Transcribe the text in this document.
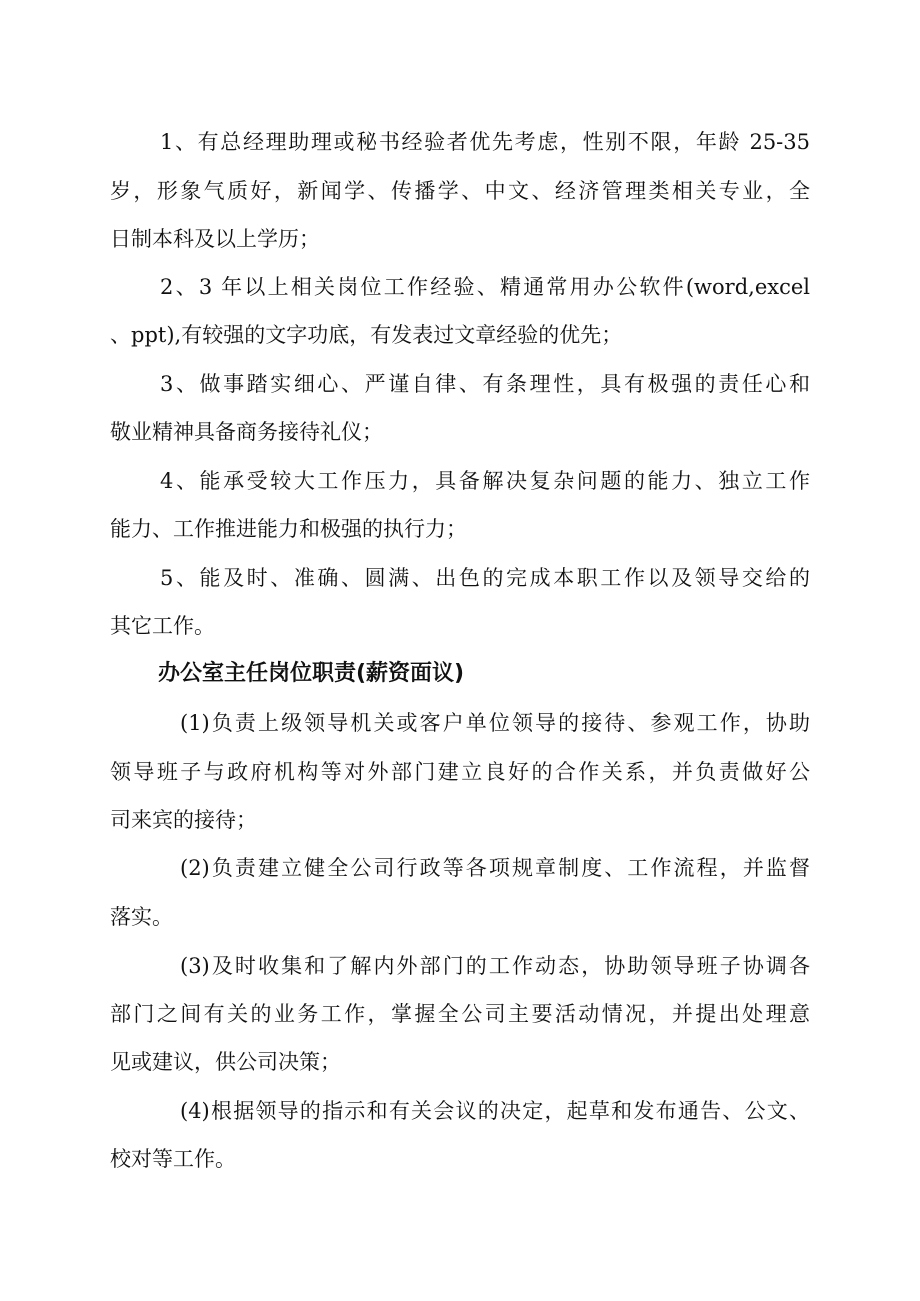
1、有总经理助理或秘书经验者优先考虑，性别不限，年龄 25-35
岁，形象气质好，新闻学、传播学、中文、经济管理类相关专业，全
日制本科及以上学历；
2、3 年以上相关岗位工作经验、精通常用办公软件(word,excel
、ppt),有较强的文字功底，有发表过文章经验的优先；
3、做事踏实细心、严谨自律、有条理性，具有极强的责任心和
敬业精神具备商务接待礼仪；
4、能承受较大工作压力，具备解决复杂问题的能力、独立工作
能力、工作推进能力和极强的执行力；
5、能及时、准确、圆满、出色的完成本职工作以及领导交给的
其它工作。
办公室主任岗位职责(薪资面议)
(1)负责上级领导机关或客户单位领导的接待、参观工作，协助
领导班子与政府机构等对外部门建立良好的合作关系，并负责做好公
司来宾的接待；
(2)负责建立健全公司行政等各项规章制度、工作流程，并监督
落实。
(3)及时收集和了解内外部门的工作动态，协助领导班子协调各
部门之间有关的业务工作，掌握全公司主要活动情况，并提出处理意
见或建议，供公司决策；
(4)根据领导的指示和有关会议的决定，起草和发布通告、公文、
校对等工作。
